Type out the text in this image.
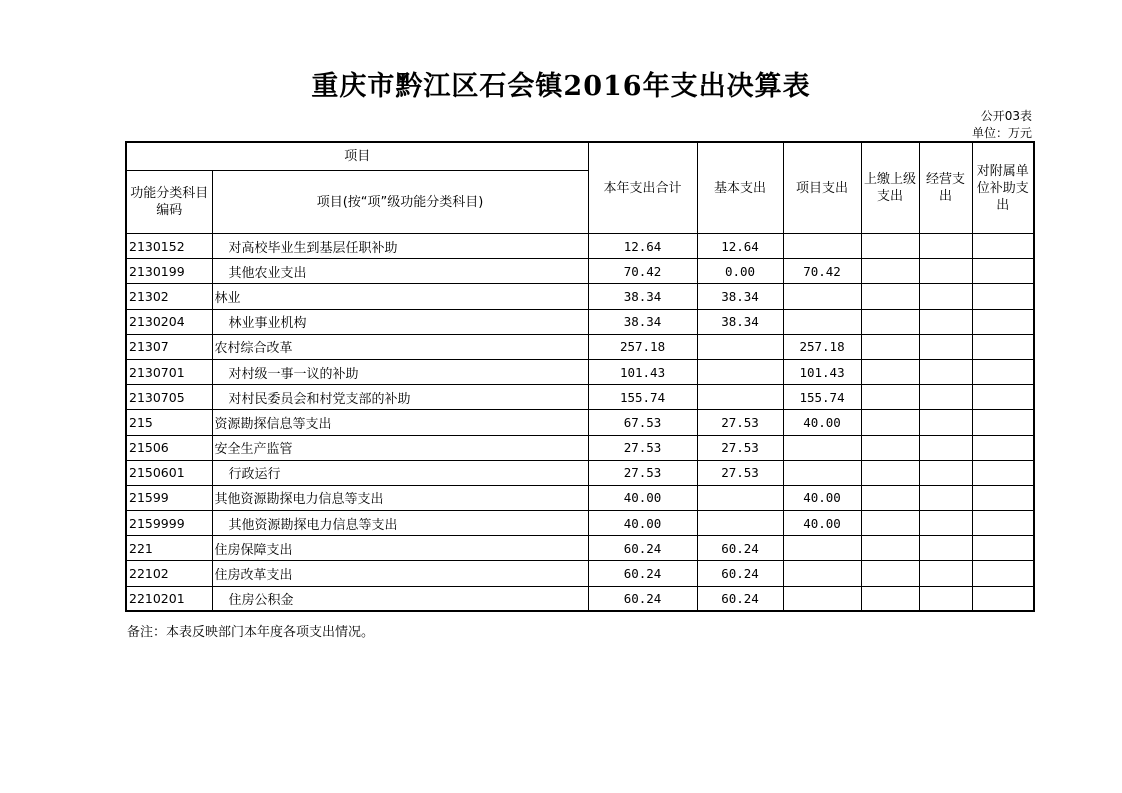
重庆市黔江区石会镇2016年支出决算表
公开03表
单位：万元
项目		本年支出合计	基本支出	项目支出	上缴上级支出	经营支出	对附属单位补助支出
功能分类科目编码	项目(按“项”级功能分类科目)						
2130152	对高校毕业生到基层任职补助	12.64	12.64				
2130199	其他农业支出	70.42	0.00	70.42			
21302	林业	38.34	38.34				
2130204	林业事业机构	38.34	38.34				
21307	农村综合改革	257.18		257.18			
2130701	对村级一事一议的补助	101.43		101.43			
2130705	对村民委员会和村党支部的补助	155.74		155.74			
215	资源勘探信息等支出	67.53	27.53	40.00			
21506	安全生产监管	27.53	27.53				
2150601	行政运行	27.53	27.53				
21599	其他资源勘探电力信息等支出	40.00		40.00			
2159999	其他资源勘探电力信息等支出	40.00		40.00			
221	住房保障支出	60.24	60.24				
22102	住房改革支出	60.24	60.24				
2210201	住房公积金	60.24	60.24				
备注：本表反映部门本年度各项支出情况。
